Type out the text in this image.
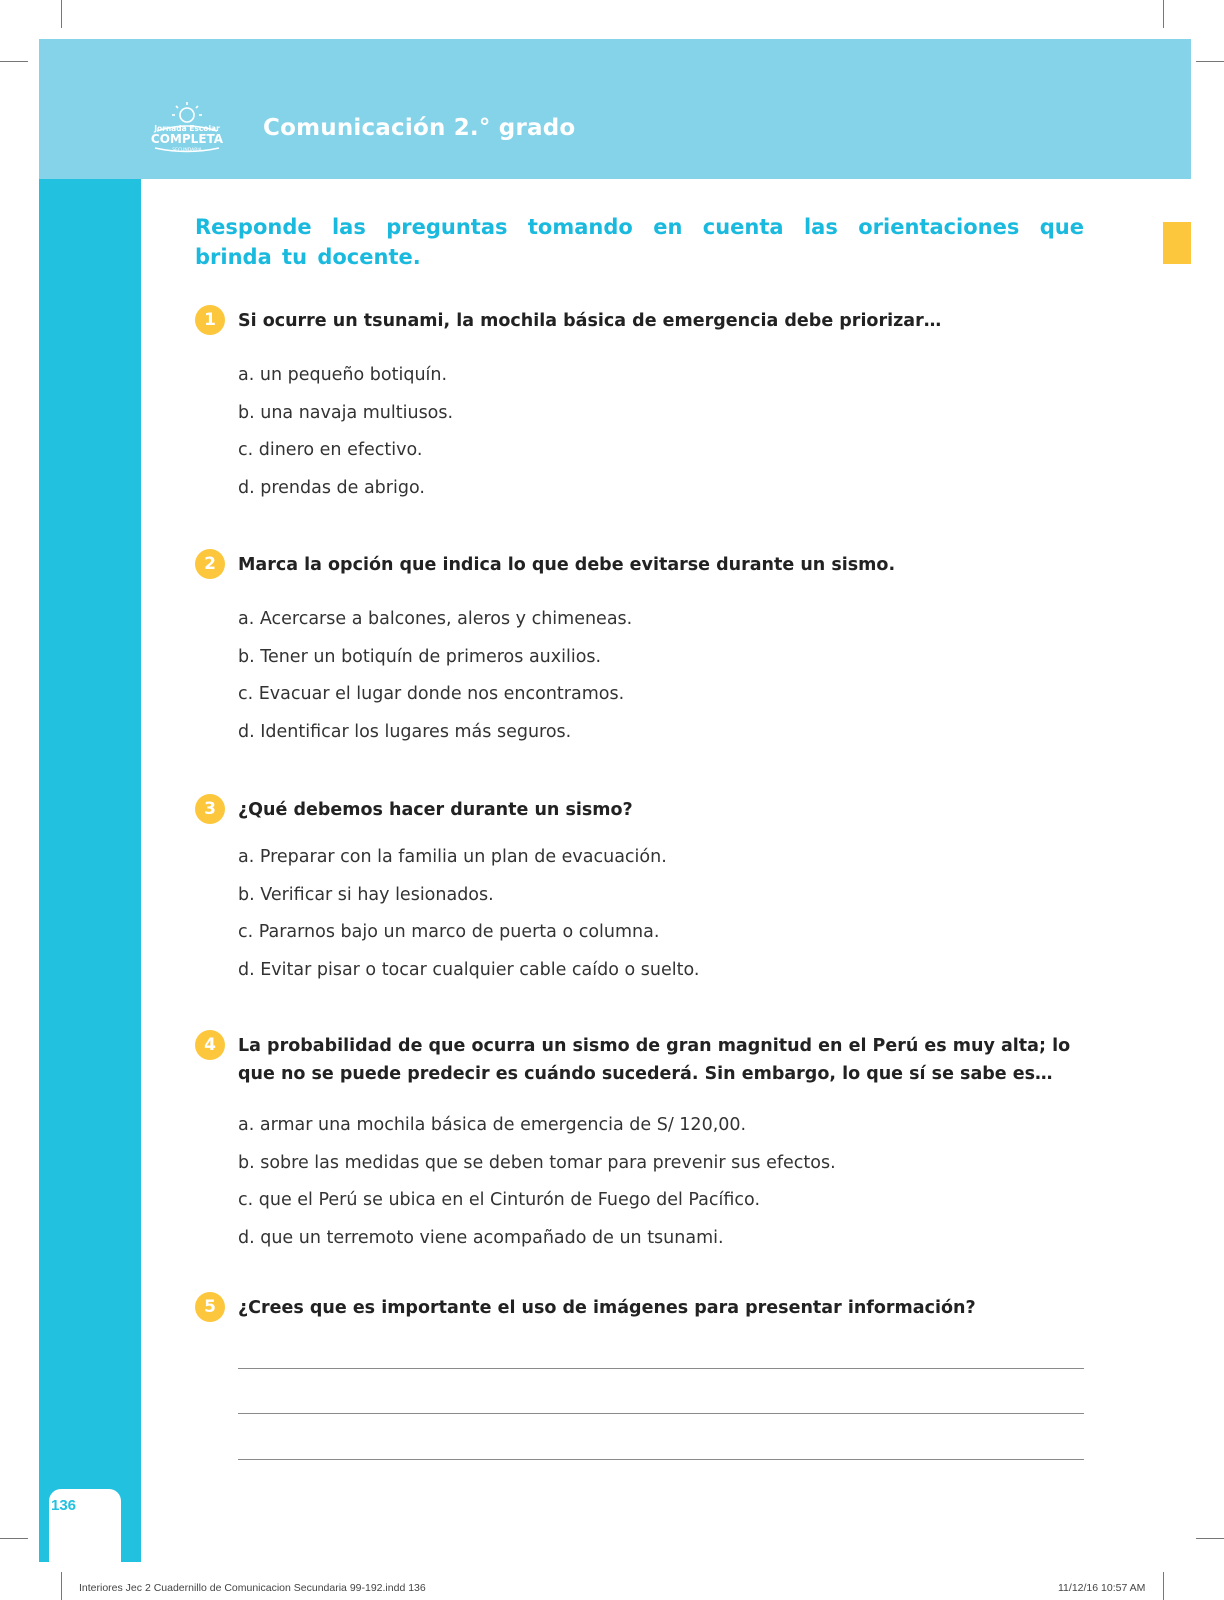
Jornada Escolar
COMPLETA
SECUNDARIA
Comunicación 2.° grado
136
Responde las preguntas tomando en cuenta las orientaciones que brinda tu docente.
1	Si ocurre un tsunami, la mochila básica de emergencia debe priorizar…
a. un pequeño botiquín.
b. una navaja multiusos.
c. dinero en efectivo.
d. prendas de abrigo.
2	Marca la opción que indica lo que debe evitarse durante un sismo.
a. Acercarse a balcones, aleros y chimeneas.
b. Tener un botiquín de primeros auxilios.
c. Evacuar el lugar donde nos encontramos.
d. Identificar los lugares más seguros.
3	¿Qué debemos hacer durante un sismo?
a. Preparar con la familia un plan de evacuación.
b. Verificar si hay lesionados.
c. Pararnos bajo un marco de puerta o columna.
d. Evitar pisar o tocar cualquier cable caído o suelto.
4	La probabilidad de que ocurra un sismo de gran magnitud en el Perú es muy alta; lo que no se puede predecir es cuándo sucederá. Sin embargo, lo que sí se sabe es…
a. armar una mochila básica de emergencia de S/ 120,00.
b. sobre las medidas que se deben tomar para prevenir sus efectos.
c. que el Perú se ubica en el Cinturón de Fuego del Pacífico.
d. que un terremoto viene acompañado de un tsunami.
5	¿Crees que es importante el uso de imágenes para presentar información?
Interiores Jec 2 Cuadernillo de Comunicacion Secundaria 99-192.indd 136	11/12/16 10:57 AM
